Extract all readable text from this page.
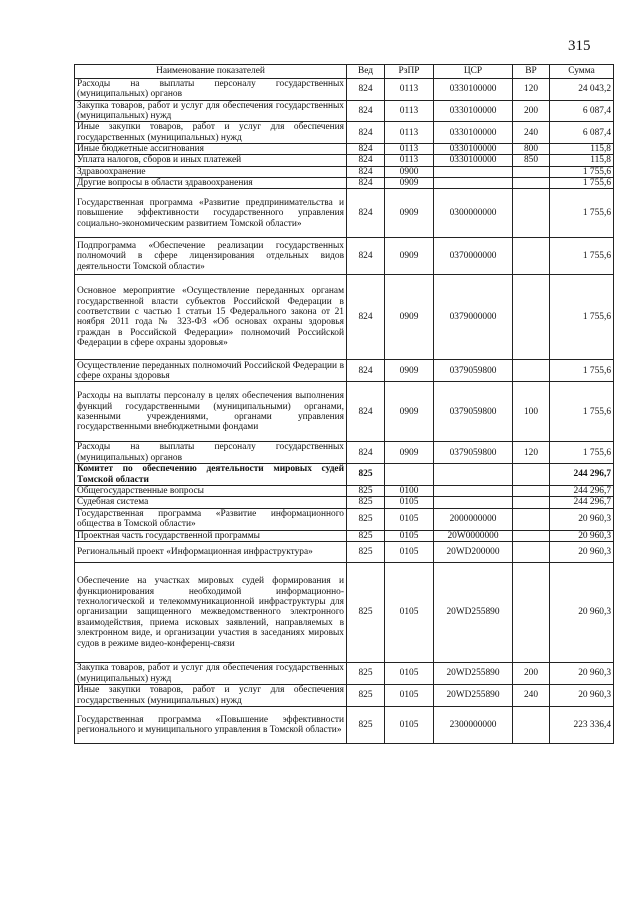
315
Наименование показателей	Вед	РзПР	ЦСР	ВР	Сумма
Расходы на выплаты персоналу государственных (муниципальных) органов	824	0113	0330100000	120	24 043,2
Закупка товаров, работ и услуг для обеспечения государственных (муниципальных) нужд	824	0113	0330100000	200	6 087,4
Иные закупки товаров, работ и услуг для обеспечения государственных (муниципальных) нужд	824	0113	0330100000	240	6 087,4
Иные бюджетные ассигнования	824	0113	0330100000	800	115,8
Уплата налогов, сборов и иных платежей	824	0113	0330100000	850	115,8
Здравоохранение	824	0900			1 755,6
Другие вопросы в области здравоохранения	824	0909			1 755,6
Государственная программа «Развитие предпринимательства и повышение эффективности государственного управления социально-экономическим развитием Томской области»	824	0909	0300000000		1 755,6
Подпрограмма «Обеспечение реализации государственных полномочий в сфере лицензирования отдельных видов деятельности Томской области»	824	0909	0370000000		1 755,6
Основное мероприятие «Осуществление переданных органам государственной власти субъектов Российской Федерации в соответствии с частью 1 статьи 15 Федерального закона от 21 ноября 2011 года № 323-ФЗ «Об основах охраны здоровья граждан в Российской Федерации» полномочий Российской Федерации в сфере охраны здоровья»	824	0909	0379000000		1 755,6
Осуществление переданных полномочий Российской Федерации в сфере охраны здоровья	824	0909	0379059800		1 755,6
Расходы на выплаты персоналу в целях обеспечения выполнения функций государственными (муниципальными) органами, казенными учреждениями, органами управления государственными внебюджетными фондами	824	0909	0379059800	100	1 755,6
Расходы на выплаты персоналу государственных (муниципальных) органов	824	0909	0379059800	120	1 755,6
Комитет по обеспечению деятельности мировых судей Томской области	825				244 296,7
Общегосударственные вопросы	825	0100			244 296,7
Судебная система	825	0105			244 296,7
Государственная программа «Развитие информационного общества в Томской области»	825	0105	2000000000		20 960,3
Проектная часть государственной программы	825	0105	20W0000000		20 960,3
Региональный проект «Информационная инфраструктура»	825	0105	20WD200000		20 960,3
Обеспечение на участках мировых судей формирования и функционирования необходимой информационно-технологической и телекоммуникационной инфраструктуры для организации защищенного межведомственного электронного взаимодействия, приема исковых заявлений, направляемых в электронном виде, и организации участия в заседаниях мировых судов в режиме видео-конференц-связи	825	0105	20WD255890		20 960,3
Закупка товаров, работ и услуг для обеспечения государственных (муниципальных) нужд	825	0105	20WD255890	200	20 960,3
Иные закупки товаров, работ и услуг для обеспечения государственных (муниципальных) нужд	825	0105	20WD255890	240	20 960,3
Государственная программа «Повышение эффективности регионального и муниципального управления в Томской области»	825	0105	2300000000		223 336,4
